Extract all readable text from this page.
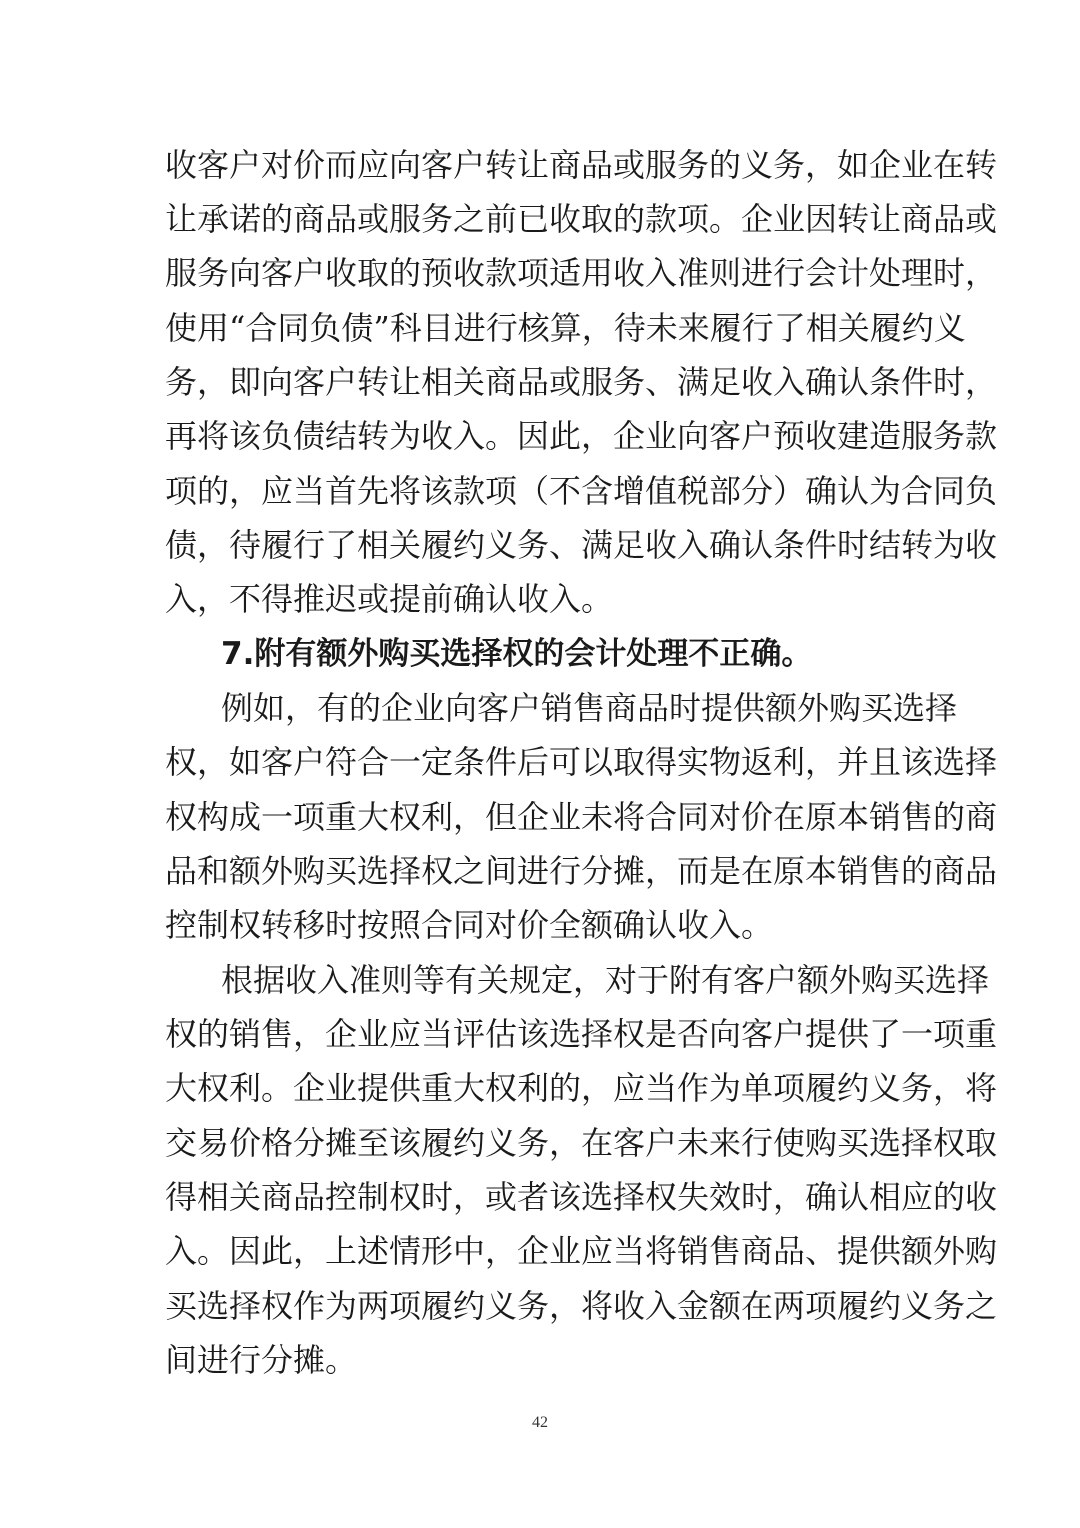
收客户对价而应向客户转让商品或服务的义务，如企业在转
让承诺的商品或服务之前已收取的款项。企业因转让商品或
服务向客户收取的预收款项适用收入准则进行会计处理时，
使用“合同负债”科目进行核算，待未来履行了相关履约义
务，即向客户转让相关商品或服务、满足收入确认条件时，
再将该负债结转为收入。因此，企业向客户预收建造服务款
项的，应当首先将该款项（不含增值税部分）确认为合同负
债，待履行了相关履约义务、满足收入确认条件时结转为收
入，不得推迟或提前确认收入。
7.附有额外购买选择权的会计处理不正确。
例如，有的企业向客户销售商品时提供额外购买选择
权，如客户符合一定条件后可以取得实物返利，并且该选择
权构成一项重大权利，但企业未将合同对价在原本销售的商
品和额外购买选择权之间进行分摊，而是在原本销售的商品
控制权转移时按照合同对价全额确认收入。
根据收入准则等有关规定，对于附有客户额外购买选择
权的销售，企业应当评估该选择权是否向客户提供了一项重
大权利。企业提供重大权利的，应当作为单项履约义务，将
交易价格分摊至该履约义务，在客户未来行使购买选择权取
得相关商品控制权时，或者该选择权失效时，确认相应的收
入。因此，上述情形中，企业应当将销售商品、提供额外购
买选择权作为两项履约义务，将收入金额在两项履约义务之
间进行分摊。
42
